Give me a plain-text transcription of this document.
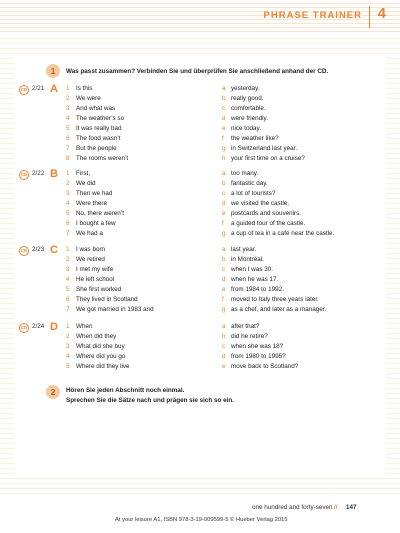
PHRASE TRAINER 4
1	Was passt zusammen? Verbinden Sie und überprüfen Sie anschließend anhand der CD.
CD 2/21 A 1 Is this	a yesterday.
2 We were	b really good.
3 And what was	c comfortable.
4 The weather’s so	d were friendly.
5 It was really bad	e nice today.
6 The food wasn’t	f the weather like?
7 But the people	g in Switzerland last year.
8 The rooms weren’t	h your first time on a cruise?
CD 2/22 B 1 First,	a too many.
2 We did	b fantastic day.
3 Then we had	c a lot of tourists?
4 Were there	d we visited the castle.
5 No, there weren’t	e postcards and souvenirs.
6 I bought a few	f a guided tour of the castle.
7 We had a	g a cup of tea in a café near the castle.
CD 2/23 C 1 I was born	a last year.
2 We retired	b in Montréal.
3 I met my wife	c when I was 30.
4 He left school	d when he was 17.
5 She first worked	e from 1984 to 1992.
6 They lived in Scotland	f moved to Italy three years later.
7 We got married in 1983 and	g as a chef, and later as a manager.
CD 2/24 D 1 When	a after that?
2 When did they	b did he retire?
3 What did she buy	c when she was 18?
4 Where did you go	d from 1980 to 1995?
5 Where did they live	e move back to Scotland?
2	Hören Sie jeden Abschnitt noch einmal.
Sprechen Sie die Sätze nach und prägen sie sich so ein.
one hundred and forty-seven // 147
At your leisure A1, ISBN 978-3-19-009599-5 © Hueber Verlag 2015
